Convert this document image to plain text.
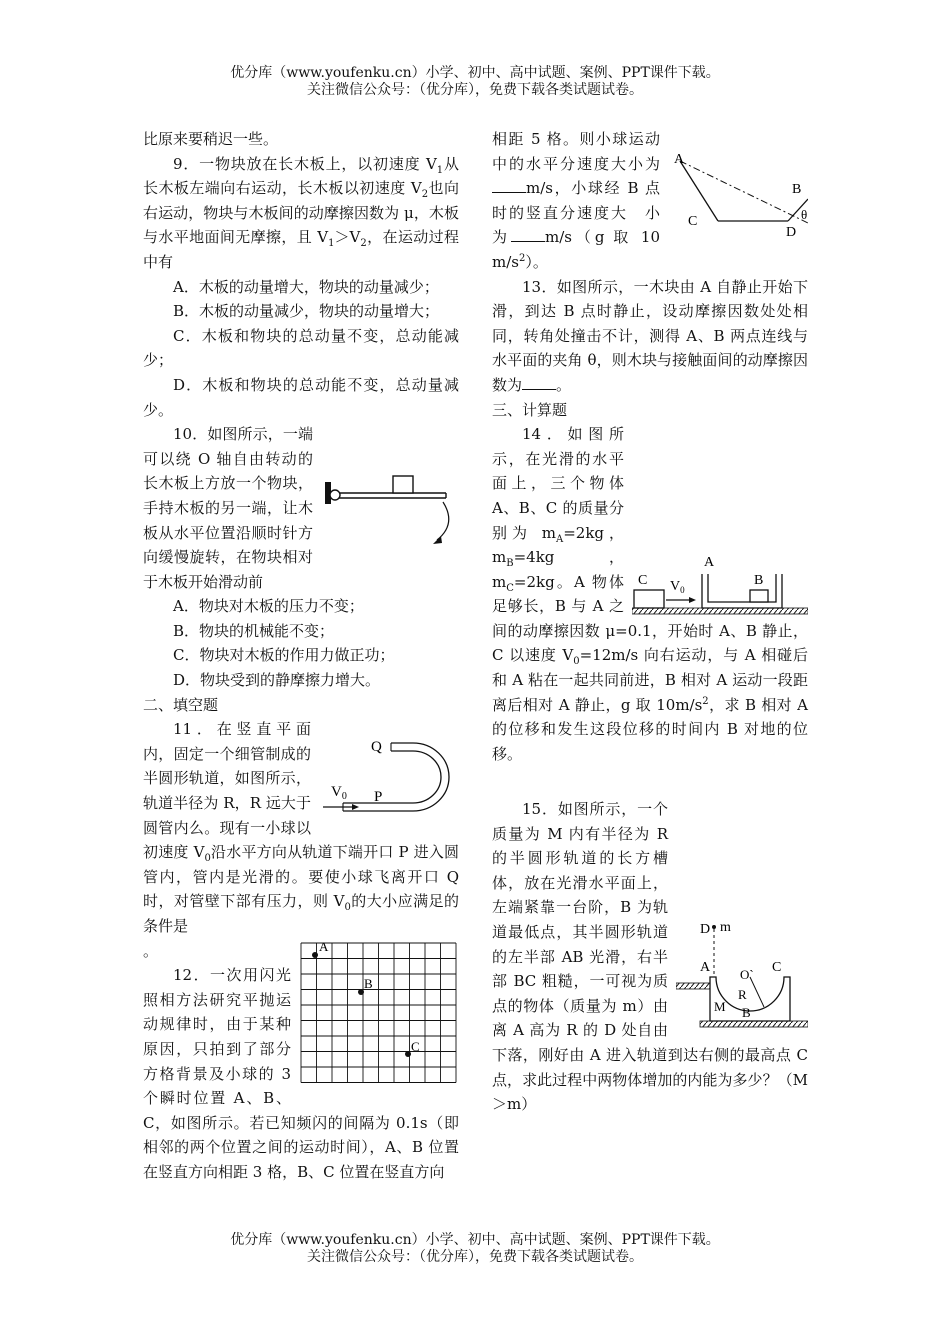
优分库（www.youfenku.cn）小学、初中、高中试题、案例、PPT课件下载。
关注微信公众号：（优分库），免费下载各类试题试卷。

比原来要稍迟一些。

9．一物块放在长木板上，以初速度 $V_1$从长木板左端向右运动，长木板以初速度 $V_2$也向右运动，物块与木板间的动摩擦因数为 μ，木板与水平地面间无摩擦，且 $V_1>V_2$，在运动过程中有

A．木板的动量增大，物块的动量减少；

B．木板的动量减少，物块的动量增大；

C．木板和物块的总动量不变，总动能减少；

D．木板和物块的总动能不变，总动量减少。

10．如图所示，一端可以绕 O 轴自由转动的长木板上方放一个物块，手持木板的另一端，让木板从水平位置沿顺时针方向缓慢旋转，在物块相对于木板开始滑动前

A．物块对木板的压力不变；

B．物块的机械能不变；

C．物块对木板的作用力做正功；

D．物块受到的静摩擦力增大。

二、填空题

Q
P
$V_0$
11．在竖直平面内，固定一个细管制成的半圆形轨道，如图所示，轨道半径为 R，R 远大于圆管内么。现有一小球以初速度 $V_0$沿水平方向从轨道下端开口 P 进入圆管内，管内是光滑的。要使小球飞离开口 Q 时，对管壁下部有压力，则 $V_0$的大小应满足的条件是

。	A
B
C
12．一次用闪光照相方法研究平抛运动规律时，由于某种原因，只拍到了部分方格背景及小球的 3 个瞬时位置 A、B、C，如图所示。若已知频闪的间隔为 0.1s（即相邻的两个位置之间的运动时间），A、B 位置在竖直方向相距 3 格，B、C 位置在竖直方向

A
B
C
D
θ
相距 5 格。则小球运动中的水平分速度大小为m/s，小球经 B 点时的竖直分速度大　小　为 m/s（g 取 10 $m/s^2$）。

13．如图所示，一木块由 A 自静止开始下滑，到达 B 点时静止，设动摩擦因数处处相同，转角处撞击不计，测得 A、B 两点连线与水平面的夹角 θ，则木块与接触面间的动摩擦因数为 。

三、计算题

C $V_0$
A
B
14．如图所示，在光滑的水平面上，三个物体 A、B、C 的质量分别为 $m_A=2kg$，$m_B=4kg$，$m_C=2kg$。A 物体足够长，B 与 A 之间的动摩擦因数 μ=0.1，开始时 A、B 静止，C 以速度 $V_0=12m/s$ 向右运动，与 A 相碰后和 A 粘在一起共同前进，B 相对 A 运动一段距离后相对 A 静止，g 取 $10m/s^2$，求 B 相对 A 的位移和发生这段位移的时间内 B 对地的位移。

D m
A O` C
R
M B
15．如图所示，一个质量为 M 内有半径为 R 的半圆形轨道的长方槽体，放在光滑水平面上，左端紧靠一台阶，B 为轨道最低点，其半圆形轨道的左半部 AB 光滑，右半部 BC 粗糙，一可视为质点的物体（质量为 m）由离 A 高为 R 的 D 处自由下落，刚好由 A 进入轨道到达右侧的最高点 C 点，求此过程中两物体增加的内能为多少？（M＞m）

优分库（www.youfenku.cn）小学、初中、高中试题、案例、PPT课件下载。
关注微信公众号：（优分库），免费下载各类试题试卷。
